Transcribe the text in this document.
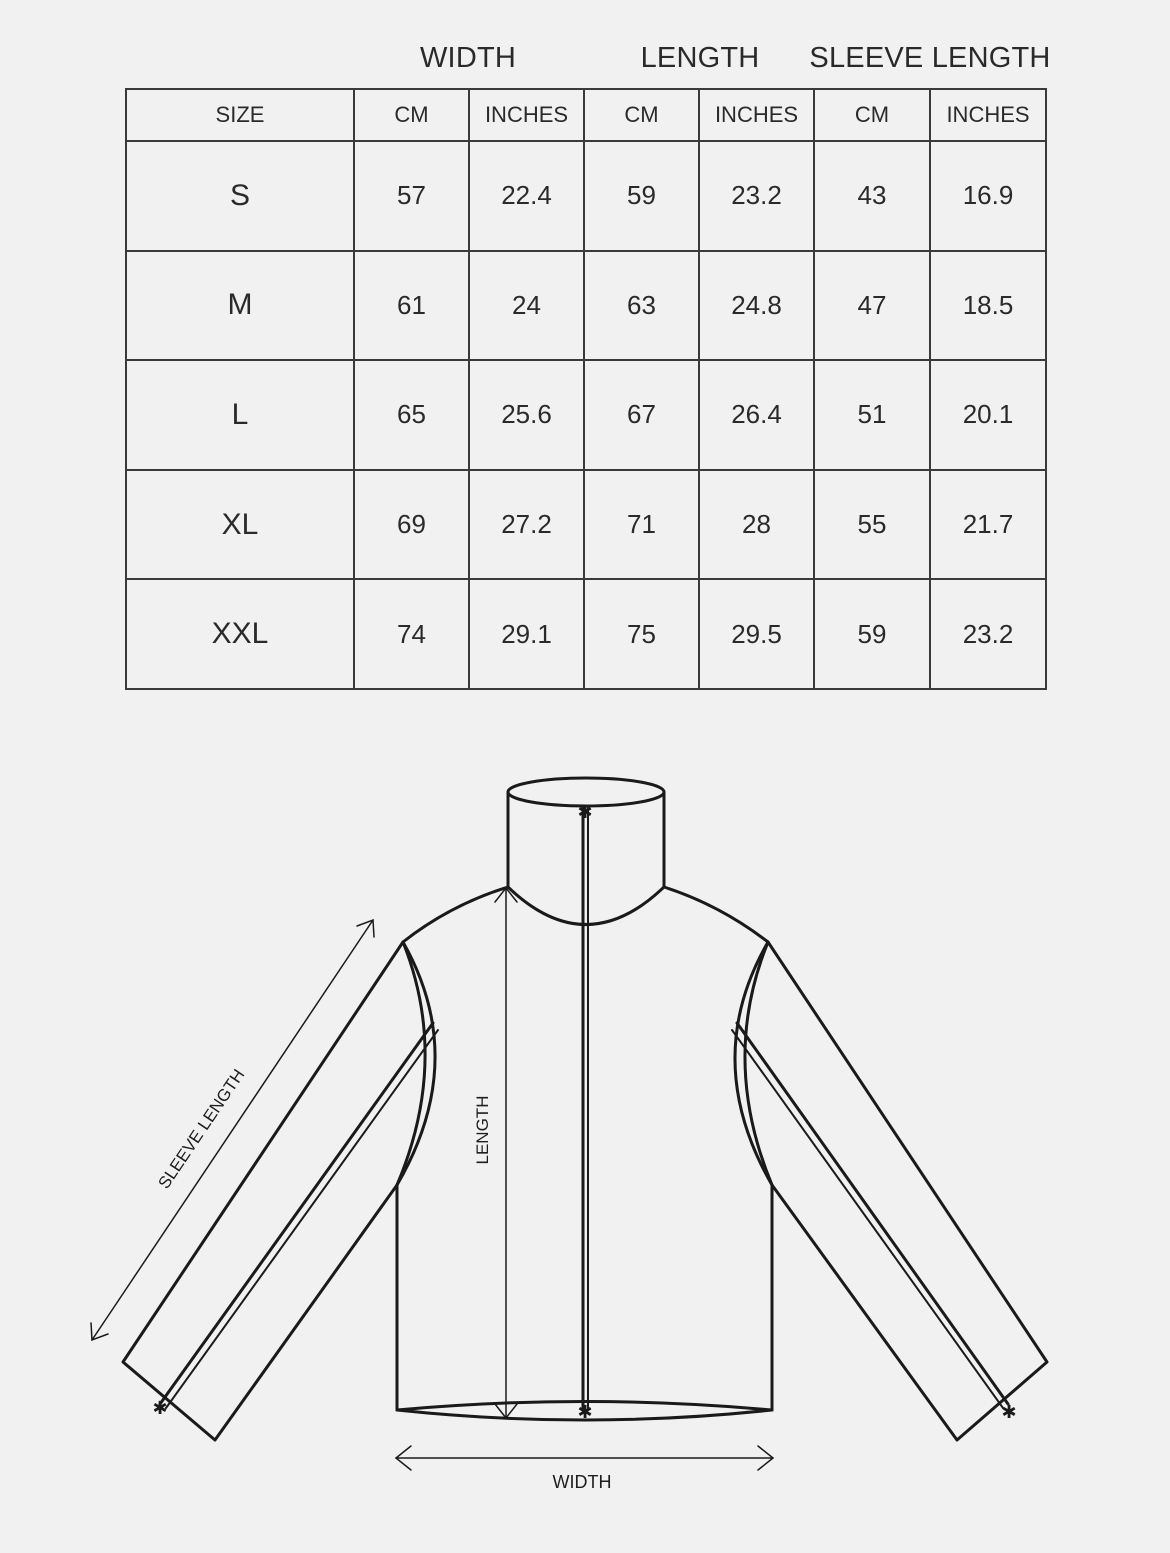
WIDTH	LENGTH	SLEEVE LENGTH
SIZE	CM	INCHES	CM	INCHES	CM	INCHES
S	57	22.4	59	23.2	43	16.9
M	61	24	63	24.8	47	18.5
L	65	25.6	67	26.4	51	20.1
XL	69	27.2	71	28	55	21.7
XXL	74	29.1	75	29.5	59	23.2
✱
✱
✱	✱
SLEEVE LENGTH	LENGTH
WIDTH
